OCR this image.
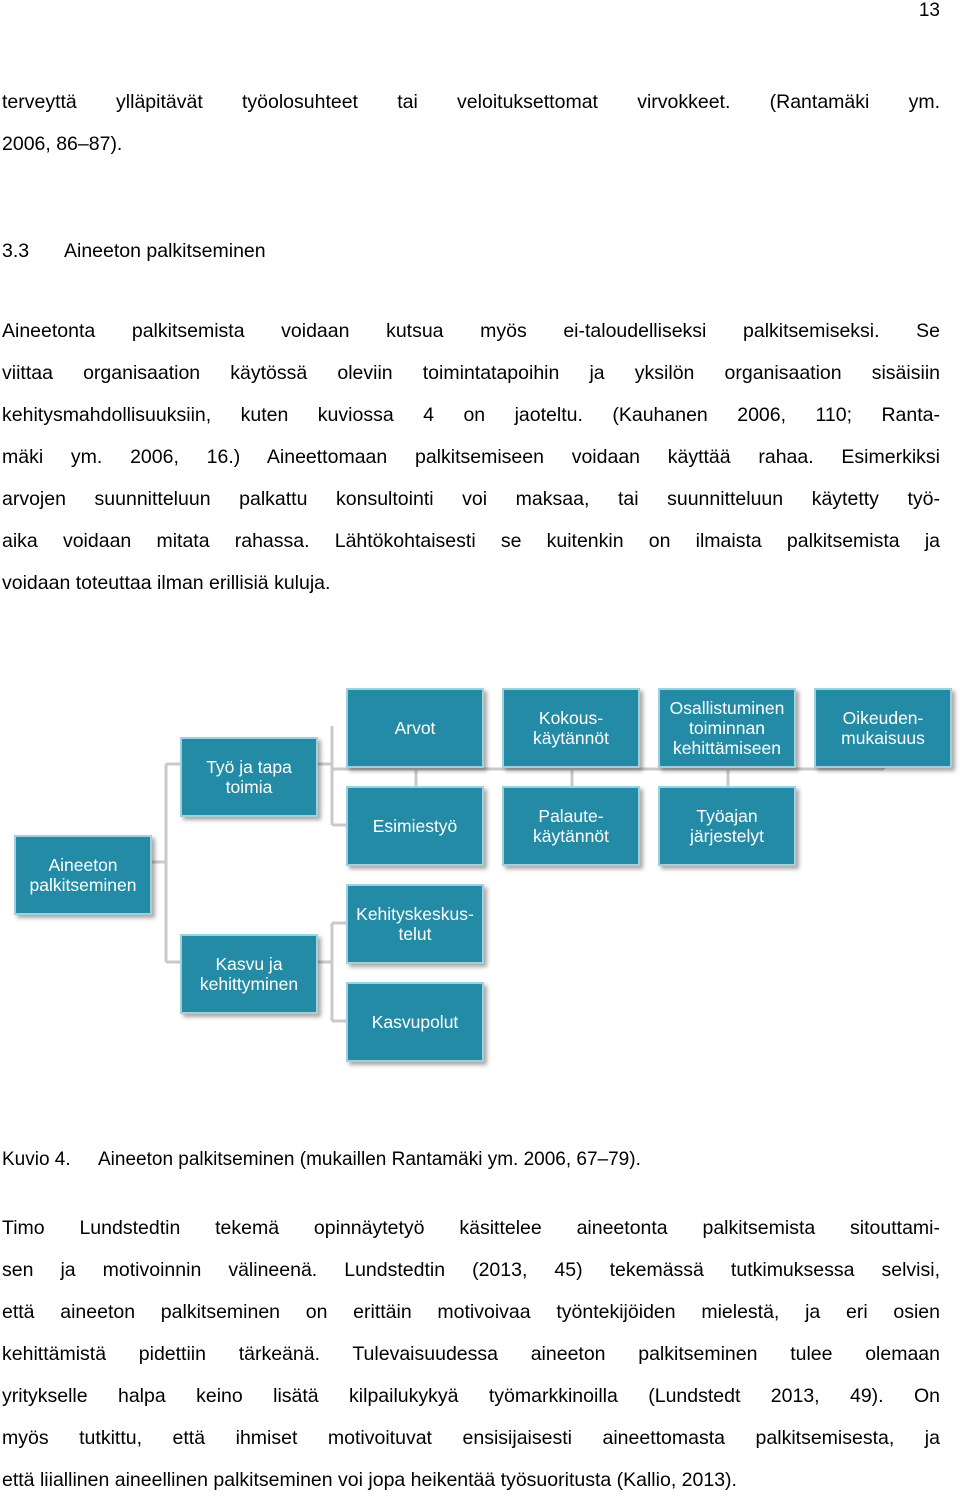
13
terveyttä ylläpitävät työolosuhteet tai veloituksettomat virvokkeet. (Rantamäki ym.
2006, 86–87).
3.3 Aineeton palkitseminen
Aineetonta palkitsemista voidaan kutsua myös ei-taloudelliseksi palkitsemiseksi. Se
viittaa organisaation käytössä oleviin toimintatapoihin ja yksilön organisaation sisäisiin
kehitysmahdollisuuksiin, kuten kuviossa 4 on jaoteltu. (Kauhanen 2006, 110; Ranta-
mäki ym. 2006, 16.) Aineettomaan palkitsemiseen voidaan käyttää rahaa. Esimerkiksi
arvojen suunnitteluun palkattu konsultointi voi maksaa, tai suunnitteluun käytetty työ-
aika voidaan mitata rahassa. Lähtökohtaisesti se kuitenkin on ilmaista palkitsemista ja
voidaan toteuttaa ilman erillisiä kuluja.
Aineeton
palkitseminen
Työ ja tapa
toimia
Kasvu ja
kehittyminen
Arvot	Kokous-
käytännöt
Osallistuminen
toiminnan
kehittämiseen
Oikeuden-
mukaisuus
Esimiestyö	Palaute-
käytännöt
Työajan
järjestelyt
Kehityskeskus-
telut
Kasvupolut

Kuvio 4. Aineeton palkitseminen (mukaillen Rantamäki ym. 2006, 67–79).

Timo Lundstedtin tekemä opinnäytetyö käsittelee aineetonta palkitsemista sitouttami-
sen ja motivoinnin välineenä. Lundstedtin (2013, 45) tekemässä tutkimuksessa selvisi,
että aineeton palkitseminen on erittäin motivoivaa työntekijöiden mielestä, ja eri osien
kehittämistä pidettiin tärkeänä. Tulevaisuudessa aineeton palkitseminen tulee olemaan
yritykselle halpa keino lisätä kilpailukykyä työmarkkinoilla (Lundstedt 2013, 49). On
myös tutkittu, että ihmiset motivoituvat ensisijaisesti aineettomasta palkitsemisesta, ja
että liiallinen aineellinen palkitseminen voi jopa heikentää työsuoritusta (Kallio, 2013).
